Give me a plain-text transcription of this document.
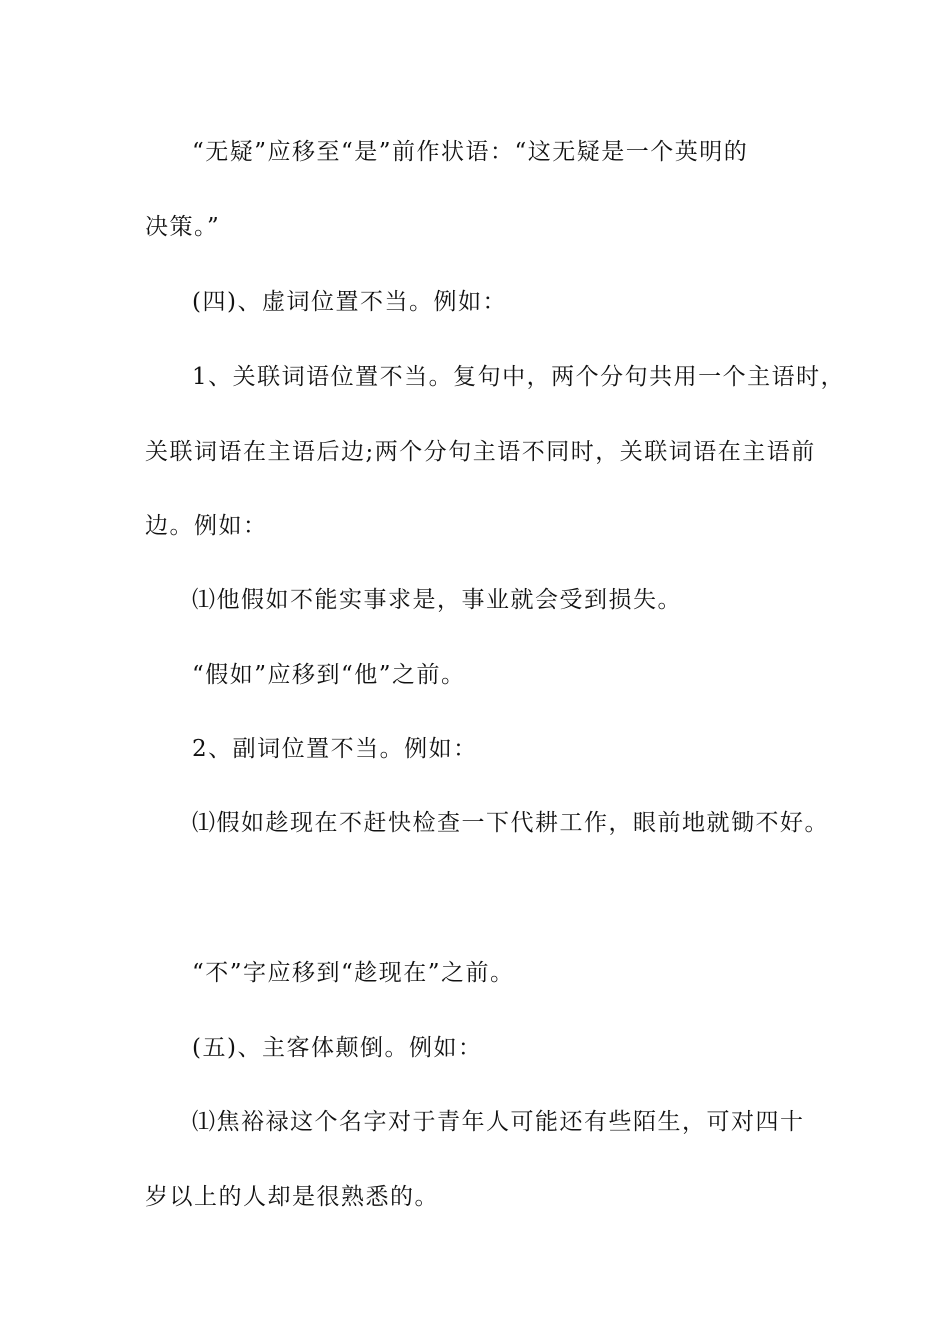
“无疑”应移至“是”前作状语：“这无疑是一个英明的
决策。”
(四)、虚词位置不当。例如：
1、关联词语位置不当。复句中，两个分句共用一个主语时，
关联词语在主语后边;两个分句主语不同时，关联词语在主语前
边。例如：
⑴他假如不能实事求是，事业就会受到损失。
“假如”应移到“他”之前。
2、副词位置不当。例如：
⑴假如趁现在不赶快检查一下代耕工作，眼前地就锄不好。
“不”字应移到“趁现在”之前。
(五)、主客体颠倒。例如：
⑴焦裕禄这个名字对于青年人可能还有些陌生，可对四十
岁以上的人却是很熟悉的。
